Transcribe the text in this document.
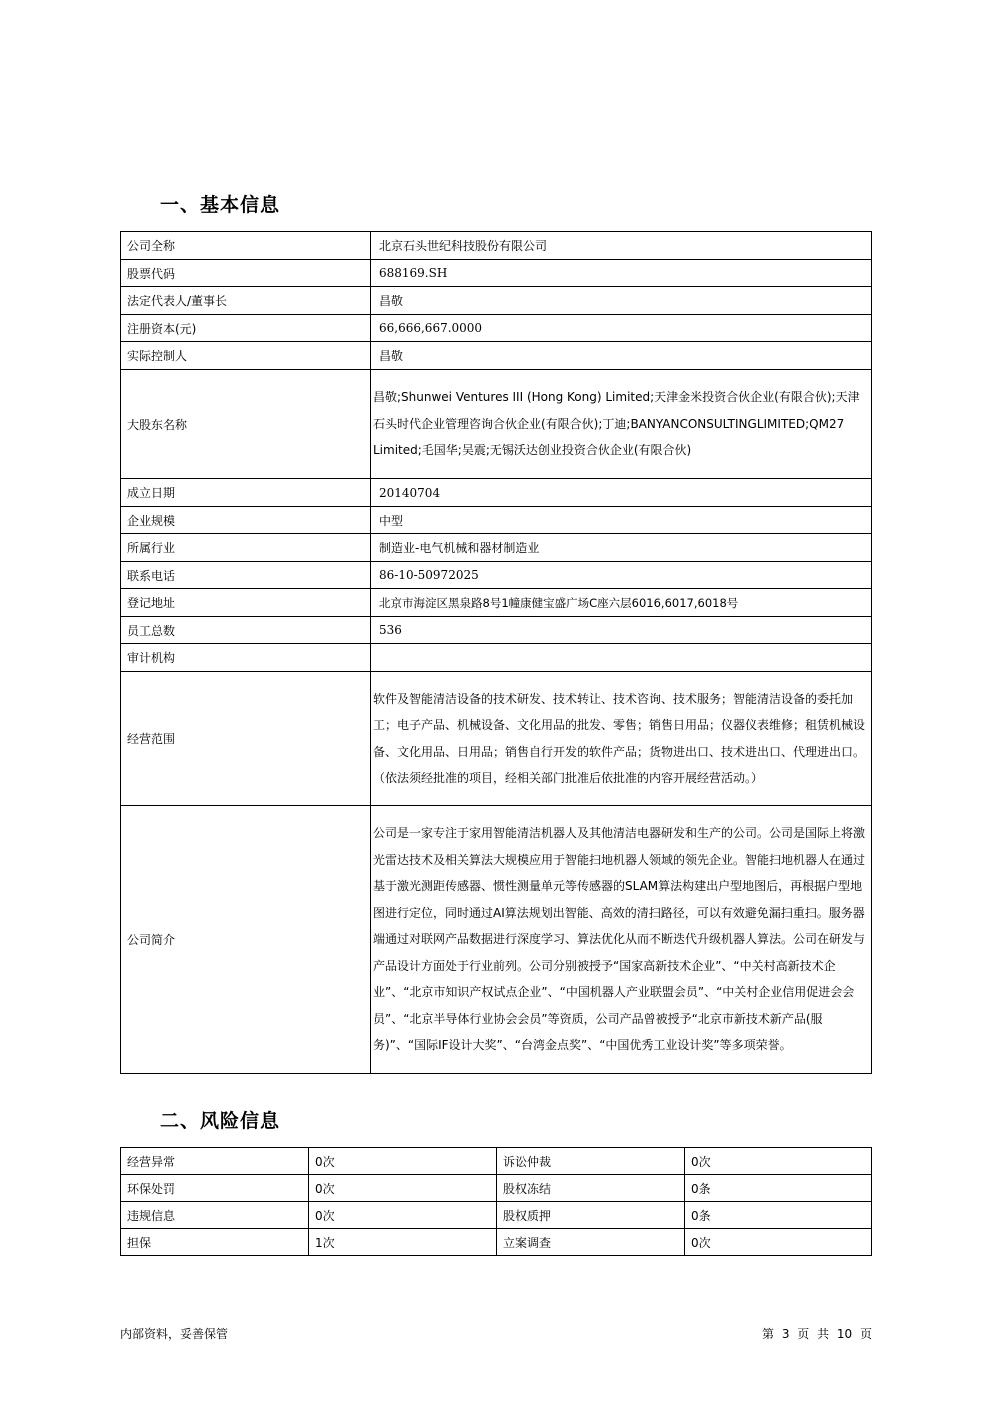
一、基本信息
公司全称	北京石头世纪科技股份有限公司
股票代码	688169.SH
法定代表人/董事长	昌敬
注册资本(元)	66,666,667.0000
实际控制人	昌敬
大股东名称	昌敬;Shunwei Ventures III (Hong Kong) Limited;天津金米投资合伙企业(有限合伙);天津石头时代企业管理咨询合伙企业(有限合伙);丁迪;BANYANCONSULTINGLIMITED;QM27 Limited;毛国华;吴震;无锡沃达创业投资合伙企业(有限合伙)
成立日期	20140704
企业规模	中型
所属行业	制造业-电气机械和器材制造业
联系电话	86-10-50972025
登记地址	北京市海淀区黑泉路8号1幢康健宝盛广场C座六层6016,6017,6018号
员工总数	536
审计机构	
经营范围	软件及智能清洁设备的技术研发、技术转让、技术咨询、技术服务；智能清洁设备的委托加工；电子产品、机械设备、文化用品的批发、零售；销售日用品；仪器仪表维修；租赁机械设备、文化用品、日用品；销售自行开发的软件产品；货物进出口、技术进出口、代理进出口。（依法须经批准的项目，经相关部门批准后依批准的内容开展经营活动。）
公司简介	公司是一家专注于家用智能清洁机器人及其他清洁电器研发和生产的公司。公司是国际上将激光雷达技术及相关算法大规模应用于智能扫地机器人领域的领先企业。智能扫地机器人在通过基于激光测距传感器、惯性测量单元等传感器的SLAM算法构建出户型地图后，再根据户型地图进行定位，同时通过AI算法规划出智能、高效的清扫路径，可以有效避免漏扫重扫。服务器端通过对联网产品数据进行深度学习、算法优化从而不断迭代升级机器人算法。公司在研发与产品设计方面处于行业前列。公司分别被授予“国家高新技术企业”、“中关村高新技术企业”、“北京市知识产权试点企业”、“中国机器人产业联盟会员”、“中关村企业信用促进会会员”、“北京半导体行业协会会员”等资质，公司产品曾被授予“北京市新技术新产品(服务)”、“国际IF设计大奖”、“台湾金点奖”、“中国优秀工业设计奖”等多项荣誉。
二、风险信息
经营异常	0次	诉讼仲裁	0次
环保处罚	0次	股权冻结	0条
违规信息	0次	股权质押	0条
担保	1次	立案调查	0次
内部资料，妥善保管	第 3 页 共 10 页
